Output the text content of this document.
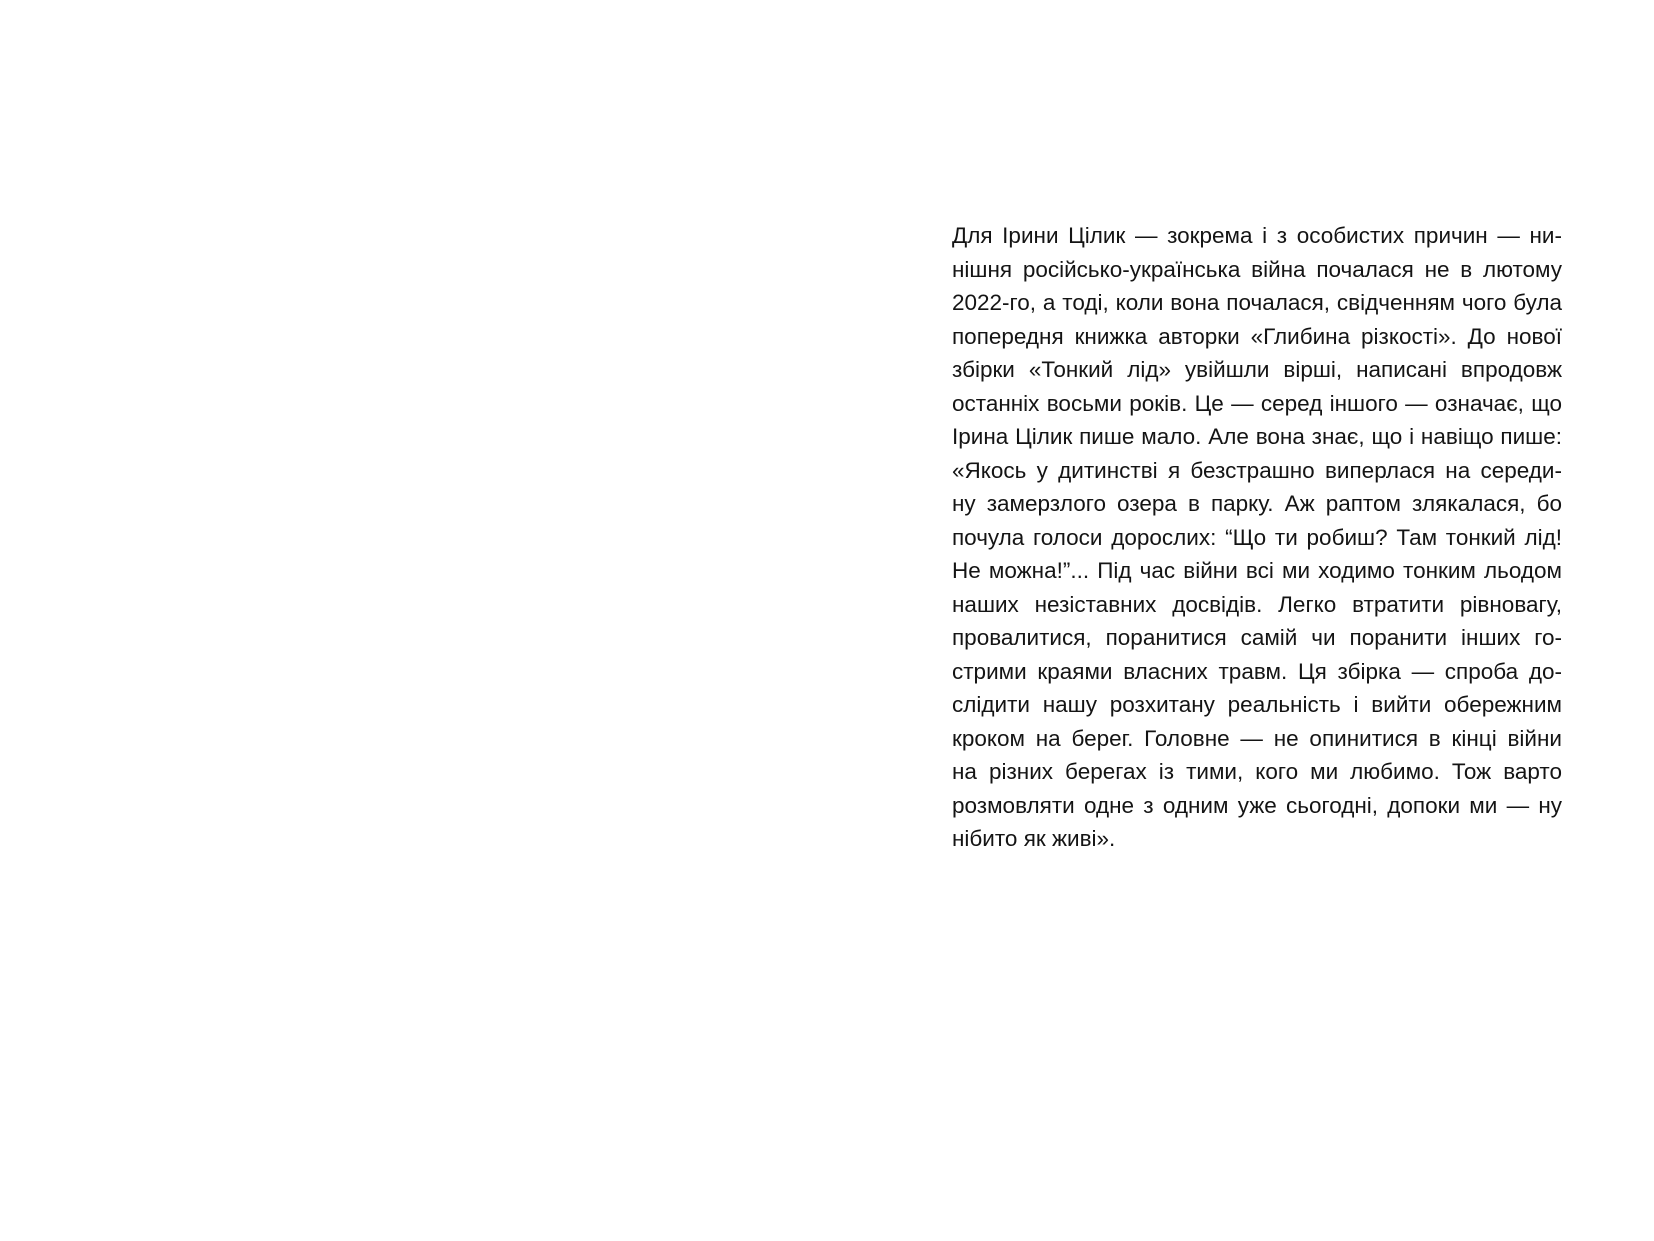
Для Ірини Цілик — зокрема і з особистих причин — ни-
нішня російсько-українська війна почалася не в лютому
2022-го, а тоді, коли вона почалася, свідченням чого була
попередня книжка авторки «Глибина різкості». До нової
збірки «Тонкий лід» увійшли вірші, написані впродовж
останніх восьми років. Це — серед іншого — означає, що
Ірина Цілик пише мало. Але вона знає, що і навіщо пише:
«Якось у дитинстві я безстрашно виперлася на середи-
ну замерзлого озера в парку. Аж раптом злякалася, бо
почула голоси дорослих: “Що ти робиш? Там тонкий лід!
Не можна!”... Під час війни всі ми ходимо тонким льодом
наших незіставних досвідів. Легко втратити рівновагу,
провалитися, поранитися самій чи поранити інших го-
стрими краями власних травм. Ця збірка — спроба до-
слідити нашу розхитану реальність і вийти обережним
кроком на берег. Головне — не опинитися в кінці війни
на різних берегах із тими, кого ми любимо. Тож варто
розмовляти одне з одним уже сьогодні, допоки ми — ну
нібито як живі».
